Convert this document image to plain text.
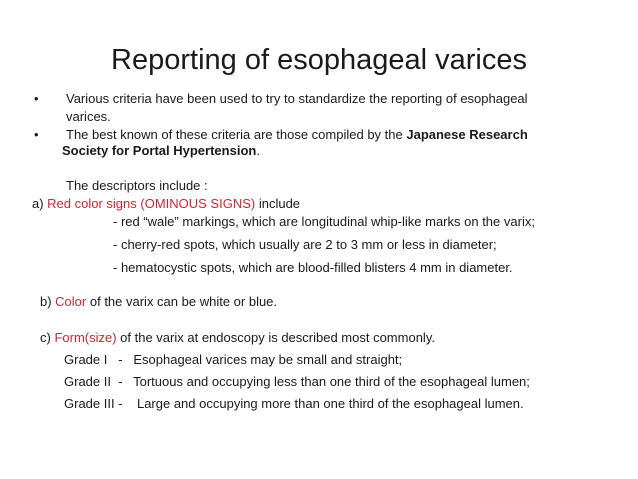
Reporting of esophageal varices
• Various criteria have been used to try to standardize the reporting of esophageal
varices.
• The best known of these criteria are those compiled by the Japanese Research
Society for Portal Hypertension.
The descriptors include :
a) Red color signs (OMINOUS SIGNS) include
- red “wale” markings, which are longitudinal whip-like marks on the varix;
- cherry-red spots, which usually are 2 to 3 mm or less in diameter;
- hematocystic spots, which are blood-filled blisters 4 mm in diameter.
b) Color of the varix can be white or blue.
c) Form(size) of the varix at endoscopy is described most commonly.
Grade I   -   Esophageal varices may be small and straight;
Grade II  -   Tortuous and occupying less than one third of the esophageal lumen;
Grade III -    Large and occupying more than one third of the esophageal lumen.
